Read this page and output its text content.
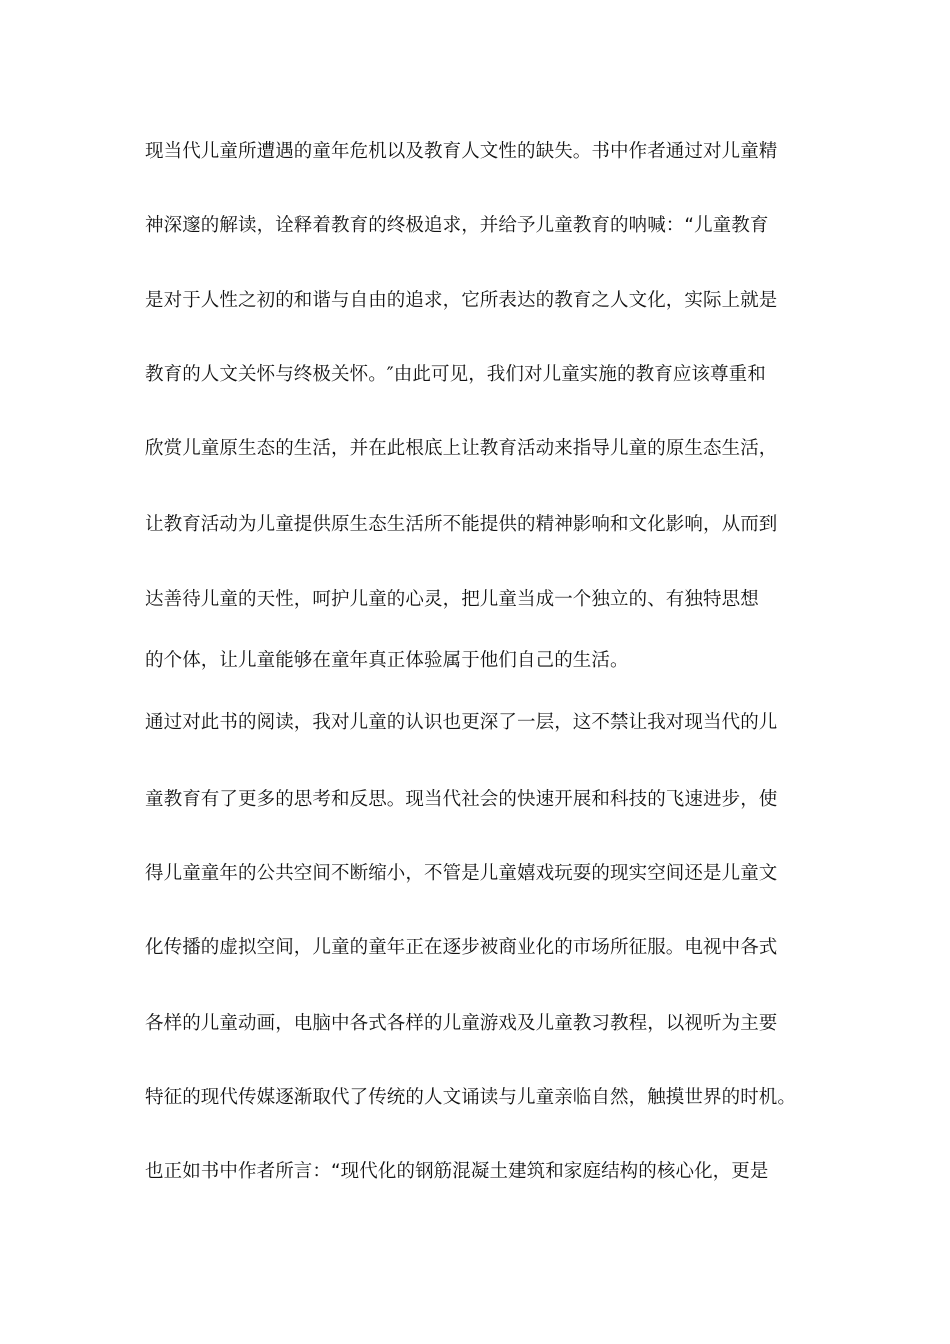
现当代儿童所遭遇的童年危机以及教育人文性的缺失。书中作者通过对儿童精
神深邃的解读，诠释着教育的终极追求，并给予儿童教育的呐喊：“儿童教育
是对于人性之初的和谐与自由的追求，它所表达的教育之人文化，实际上就是
教育的人文关怀与终极关怀。″由此可见，我们对儿童实施的教育应该尊重和
欣赏儿童原生态的生活，并在此根底上让教育活动来指导儿童的原生态生活，
让教育活动为儿童提供原生态生活所不能提供的精神影响和文化影响，从而到
达善待儿童的天性，呵护儿童的心灵，把儿童当成一个独立的、有独特思想
的个体，让儿童能够在童年真正体验属于他们自己的生活。
通过对此书的阅读，我对儿童的认识也更深了一层，这不禁让我对现当代的儿
童教育有了更多的思考和反思。现当代社会的快速开展和科技的飞速进步，使
得儿童童年的公共空间不断缩小，不管是儿童嬉戏玩耍的现实空间还是儿童文
化传播的虚拟空间，儿童的童年正在逐步被商业化的市场所征服。电视中各式
各样的儿童动画，电脑中各式各样的儿童游戏及儿童教习教程，以视听为主要
特征的现代传媒逐渐取代了传统的人文诵读与儿童亲临自然，触摸世界的时机。
也正如书中作者所言：“现代化的钢筋混凝土建筑和家庭结构的核心化，更是
